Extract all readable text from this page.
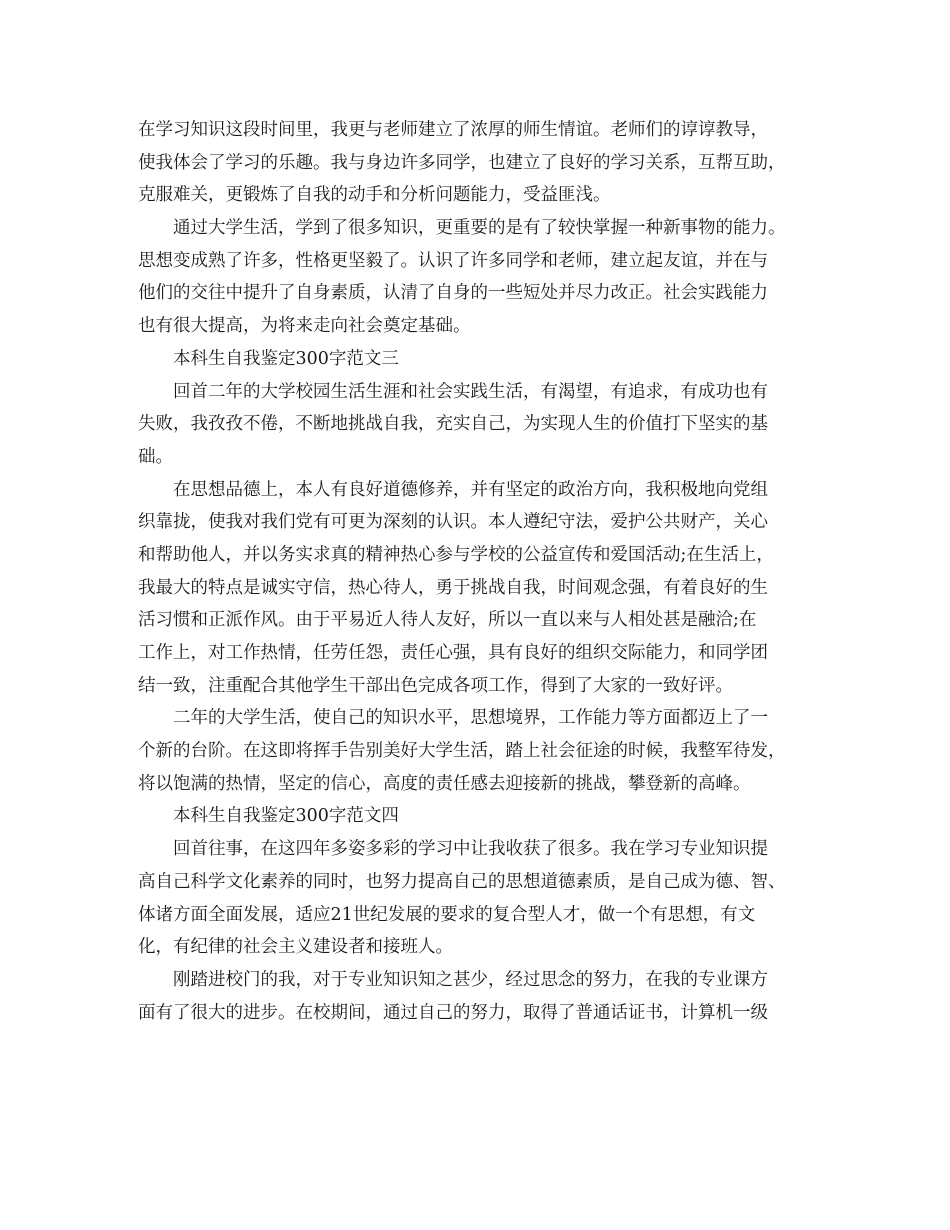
在学习知识这段时间里，我更与老师建立了浓厚的师生情谊。老师们的谆谆教导，
使我体会了学习的乐趣。我与身边许多同学，也建立了良好的学习关系，互帮互助，
克服难关，更锻炼了自我的动手和分析问题能力，受益匪浅。
通过大学生活，学到了很多知识，更重要的是有了较快掌握一种新事物的能力。
思想变成熟了许多，性格更坚毅了。认识了许多同学和老师，建立起友谊，并在与
他们的交往中提升了自身素质，认清了自身的一些短处并尽力改正。社会实践能力
也有很大提高，为将来走向社会奠定基础。
本科生自我鉴定300字范文三
回首二年的大学校园生活生涯和社会实践生活，有渴望，有追求，有成功也有
失败，我孜孜不倦，不断地挑战自我，充实自己，为实现人生的价值打下坚实的基
础。
在思想品德上，本人有良好道德修养，并有坚定的政治方向，我积极地向党组
织靠拢，使我对我们党有可更为深刻的认识。本人遵纪守法，爱护公共财产，关心
和帮助他人，并以务实求真的精神热心参与学校的公益宣传和爱国活动;在生活上，
我最大的特点是诚实守信，热心待人，勇于挑战自我，时间观念强，有着良好的生
活习惯和正派作风。由于平易近人待人友好，所以一直以来与人相处甚是融洽;在
工作上，对工作热情，任劳任怨，责任心强，具有良好的组织交际能力，和同学团
结一致，注重配合其他学生干部出色完成各项工作，得到了大家的一致好评。
二年的大学生活，使自己的知识水平，思想境界，工作能力等方面都迈上了一
个新的台阶。在这即将挥手告别美好大学生活，踏上社会征途的时候，我整军待发，
将以饱满的热情，坚定的信心，高度的责任感去迎接新的挑战，攀登新的高峰。
本科生自我鉴定300字范文四
回首往事，在这四年多姿多彩的学习中让我收获了很多。我在学习专业知识提
高自己科学文化素养的同时，也努力提高自己的思想道德素质，是自己成为德、智、
体诸方面全面发展，适应21世纪发展的要求的复合型人才，做一个有思想，有文
化，有纪律的社会主义建设者和接班人。
刚踏进校门的我，对于专业知识知之甚少，经过思念的努力，在我的专业课方
面有了很大的进步。在校期间，通过自己的努力，取得了普通话证书，计算机一级
